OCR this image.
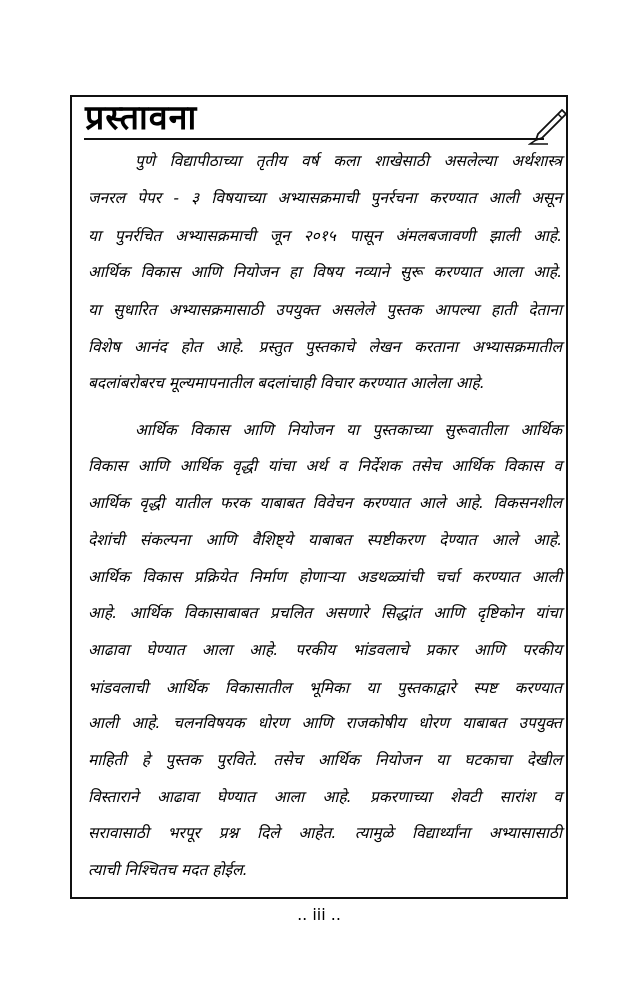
प्रस्तावना
पुणे विद्यापीठाच्या तृतीय वर्ष कला शाखेसाठी असलेल्या अर्थशास्त्र
जनरल पेपर - ३ विषयाच्या अभ्यासक्रमाची पुनर्रचना करण्यात आली असून
या पुनर्रचित अभ्यासक्रमाची जून २०१५ पासून अंमलबजावणी झाली आहे.
आर्थिक विकास आणि नियोजन हा विषय नव्याने सुरू करण्यात आला आहे.
या सुधारित अभ्यासक्रमासाठी उपयुक्त असलेले पुस्तक आपल्या हाती देताना
विशेष आनंद होत आहे. प्रस्तुत पुस्तकाचे लेखन करताना अभ्यासक्रमातील
बदलांबरोबरच मूल्यमापनातील बदलांचाही विचार करण्यात आलेला आहे.
आर्थिक विकास आणि नियोजन या पुस्तकाच्या सुरूवातीला आर्थिक
विकास आणि आर्थिक वृद्धी यांचा अर्थ व निर्देशक तसेच आर्थिक विकास व
आर्थिक वृद्धी यातील फरक याबाबत विवेचन करण्यात आले आहे. विकसनशील
देशांची संकल्पना आणि वैशिष्ट्ये याबाबत स्पष्टीकरण देण्यात आले आहे.
आर्थिक विकास प्रक्रियेत निर्माण होणाऱ्या अडथळ्यांची चर्चा करण्यात आली
आहे. आर्थिक विकासाबाबत प्रचलित असणारे सिद्धांत आणि दृष्टिकोन यांचा
आढावा घेण्यात आला आहे. परकीय भांडवलाचे प्रकार आणि परकीय
भांडवलाची आर्थिक विकासातील भूमिका या पुस्तकाद्वारे स्पष्ट करण्यात
आली आहे. चलनविषयक धोरण आणि राजकोषीय धोरण याबाबत उपयुक्त
माहिती हे पुस्तक पुरविते. तसेच आर्थिक नियोजन या घटकाचा देखील
विस्ताराने आढावा घेण्यात आला आहे. प्रकरणाच्या शेवटी सारांश व
सरावासाठी भरपूर प्रश्न दिले आहेत. त्यामुळे विद्यार्थ्यांना अभ्यासासाठी
त्याची निश्चितच मदत होईल.
.. iii ..
